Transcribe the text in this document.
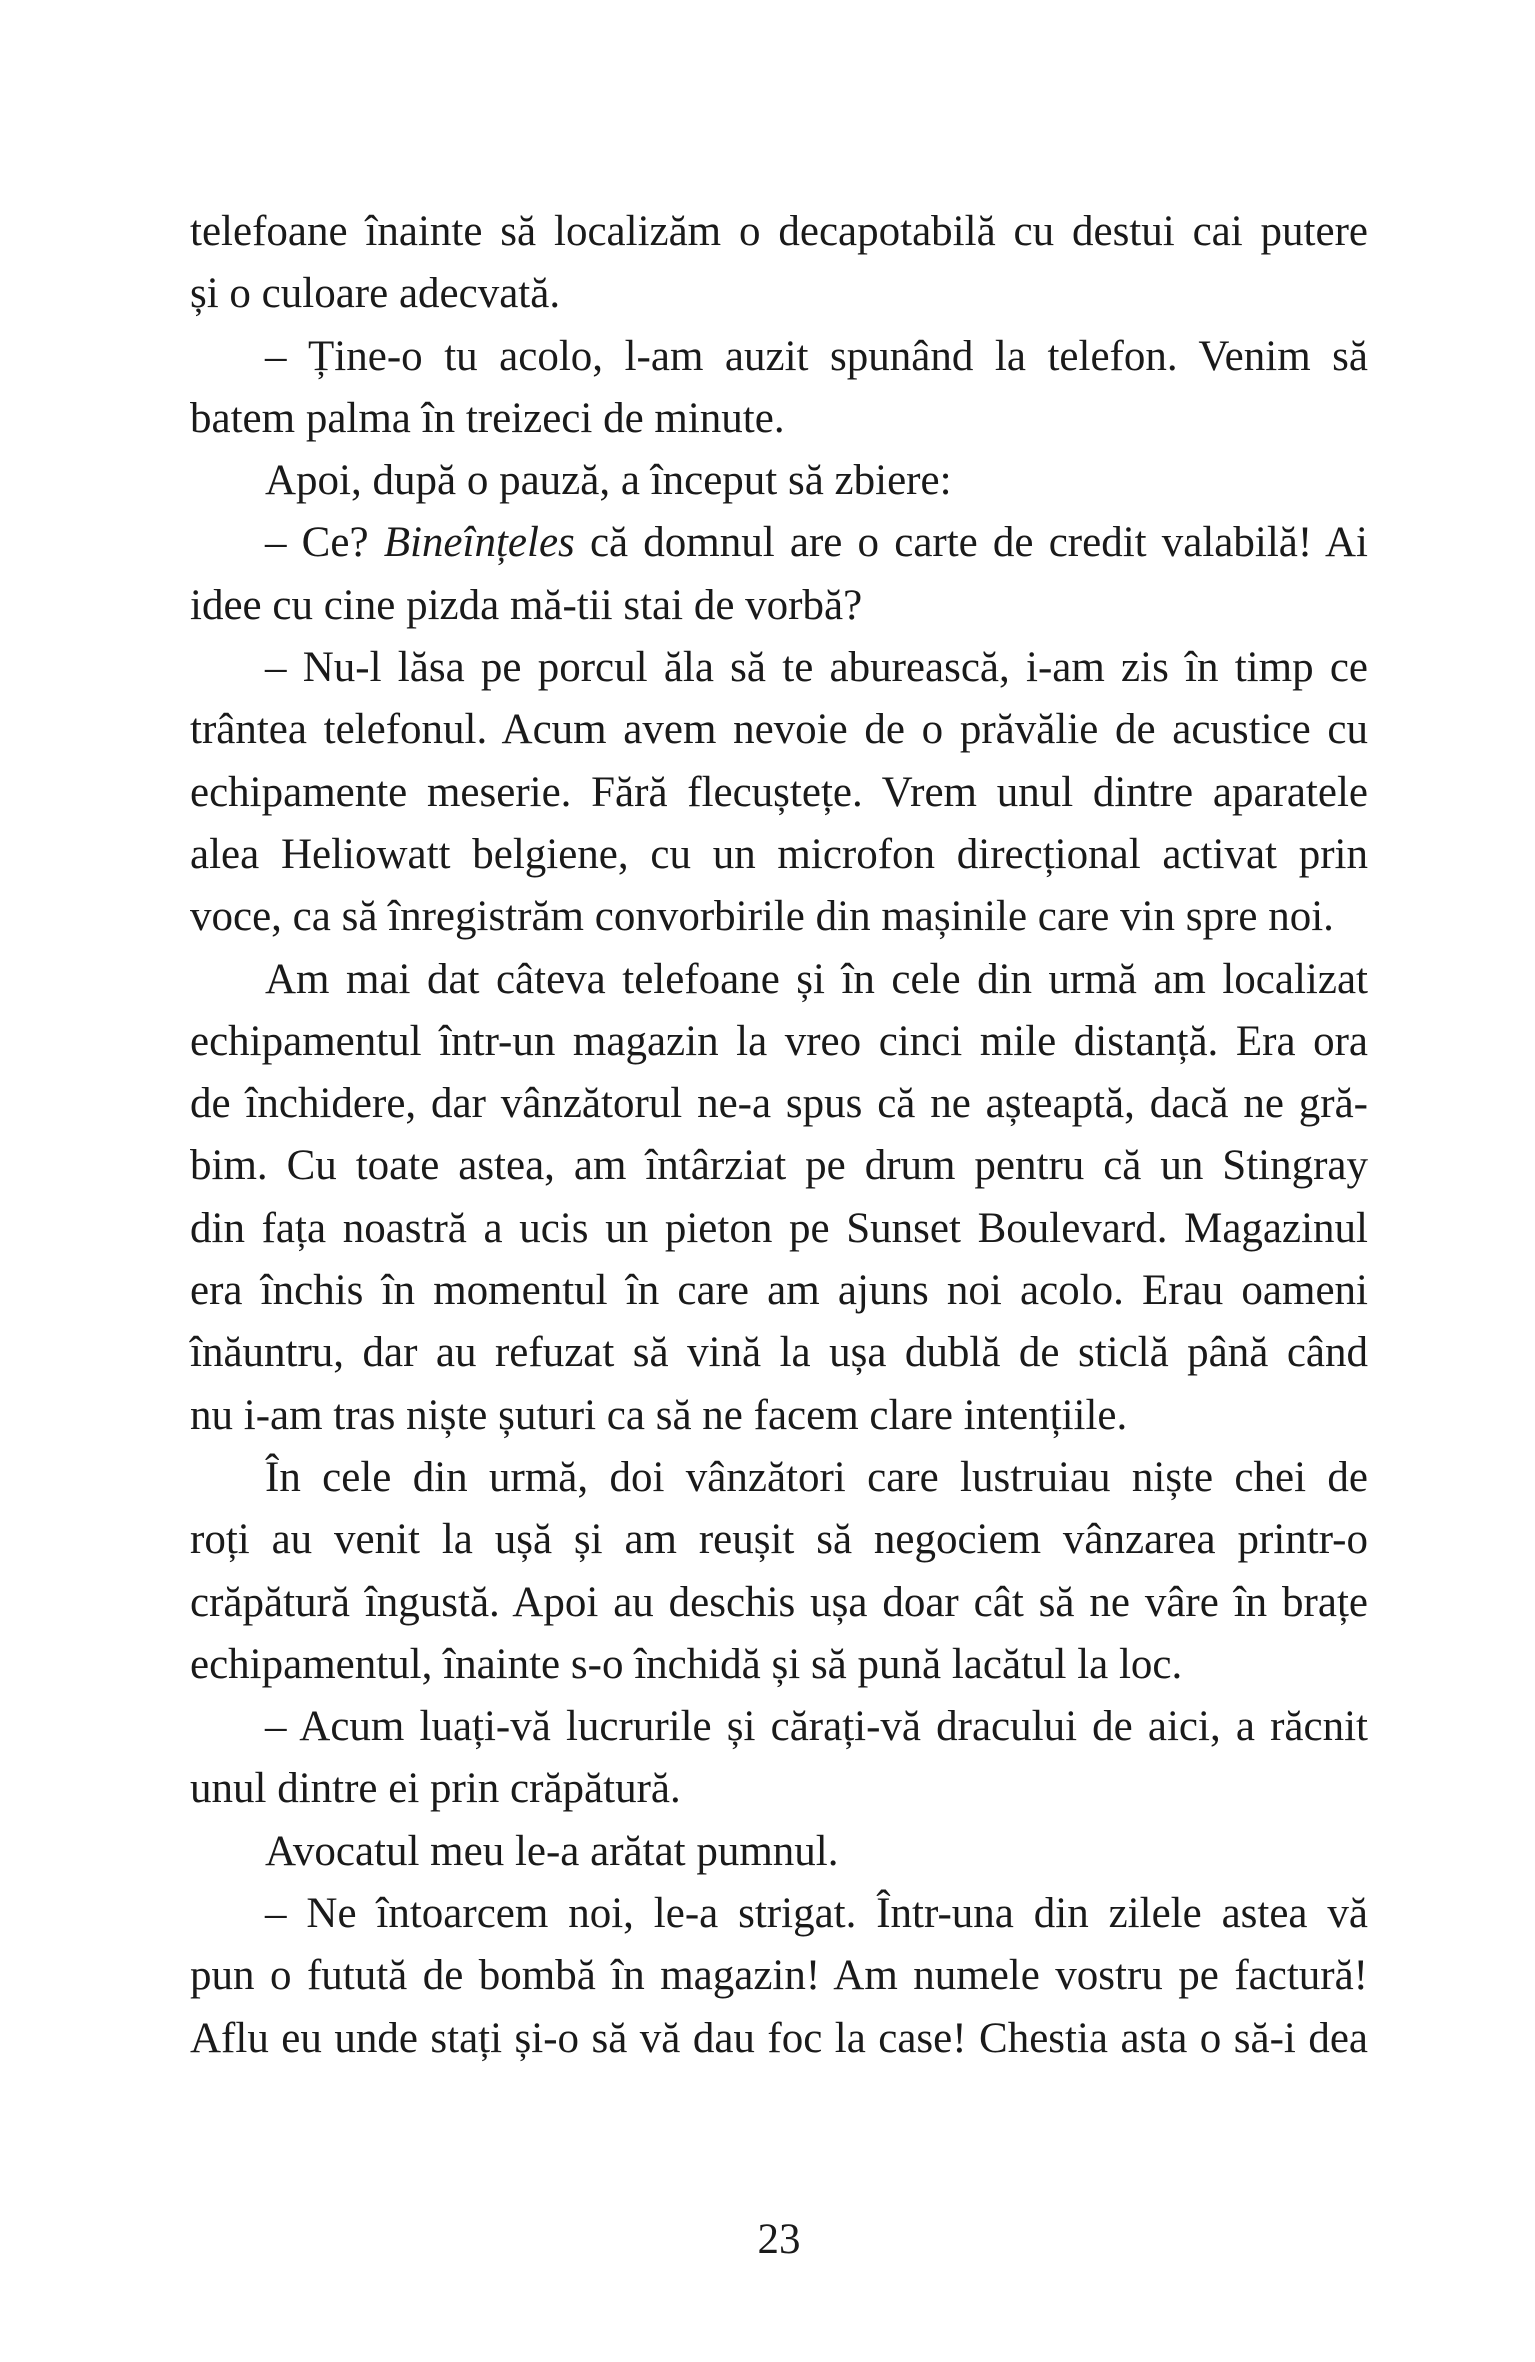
telefoane înainte să localizăm o decapotabilă cu destui cai putere
și o culoare adecvată.
– Ține-o tu acolo, l-am auzit spunând la telefon. Venim să
batem palma în treizeci de minute.
Apoi, după o pauză, a început să zbiere:
– Ce? Bineînțeles că domnul are o carte de credit valabilă! Ai
idee cu cine pizda mă-tii stai de vorbă?
– Nu-l lăsa pe porcul ăla să te aburească, i-am zis în timp ce
trântea telefonul. Acum avem nevoie de o prăvălie de acustice cu
echipamente meserie. Fără flecuștețe. Vrem unul dintre aparatele
alea Heliowatt belgiene, cu un microfon direcțional activat prin
voce, ca să înregistrăm convorbirile din mașinile care vin spre noi.
Am mai dat câteva telefoane și în cele din urmă am localizat
echipamentul într-un magazin la vreo cinci mile distanță. Era ora
de închidere, dar vânzătorul ne-a spus că ne așteaptă, dacă ne gră-
bim. Cu toate astea, am întârziat pe drum pentru că un Stingray
din fața noastră a ucis un pieton pe Sunset Boulevard. Magazinul
era închis în momentul în care am ajuns noi acolo. Erau oameni
înăuntru, dar au refuzat să vină la ușa dublă de sticlă până când
nu i-am tras niște șuturi ca să ne facem clare intențiile.
În cele din urmă, doi vânzători care lustruiau niște chei de
roți au venit la ușă și am reușit să negociem vânzarea printr-o
crăpătură îngustă. Apoi au deschis ușa doar cât să ne vâre în brațe
echipamentul, înainte s-o închidă și să pună lacătul la loc.
– Acum luați-vă lucrurile și cărați-vă dracului de aici, a răcnit
unul dintre ei prin crăpătură.
Avocatul meu le-a arătat pumnul.
– Ne întoarcem noi, le-a strigat. Într-una din zilele astea vă
pun o futută de bombă în magazin! Am numele vostru pe factură!
Aflu eu unde stați și-o să vă dau foc la case! Chestia asta o să-i dea
23
